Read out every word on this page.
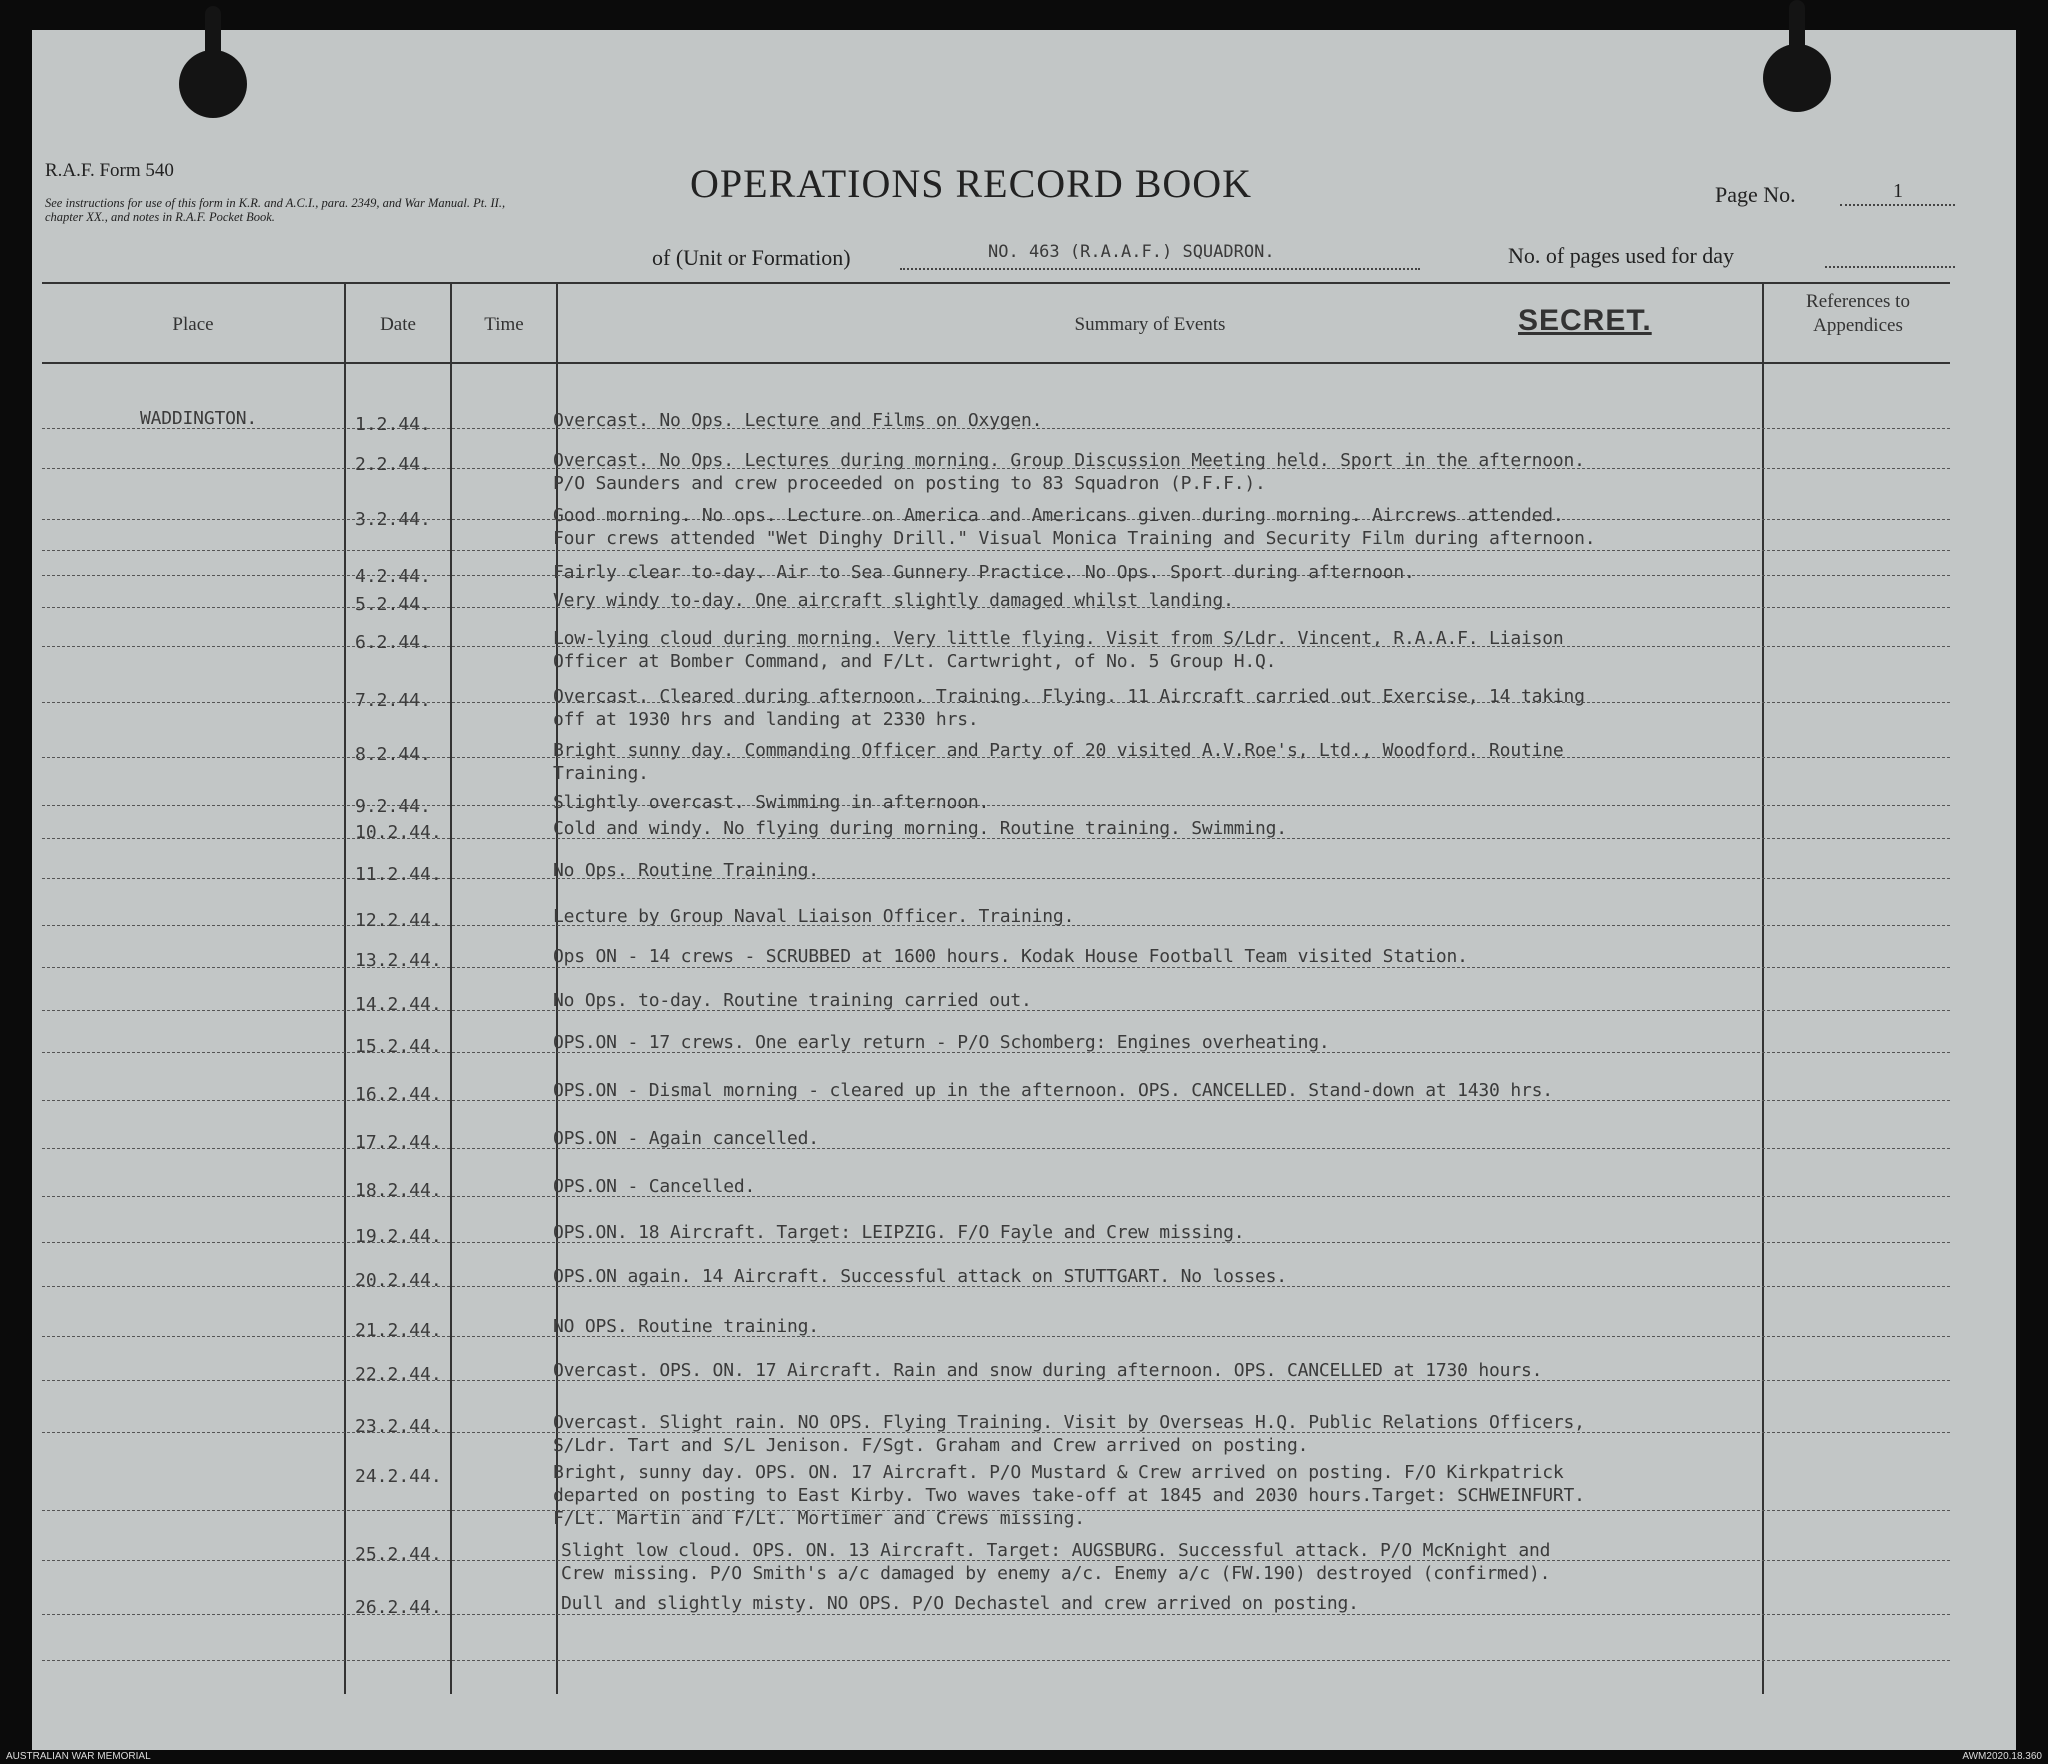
R.A.F. Form 540
See instructions for use of this form in K.R. and A.C.I., para. 2349, and War Manual. Pt. II., chapter XX., and notes in R.A.F. Pocket Book.
OPERATIONS RECORD BOOK
of (Unit or Formation)	NO. 463 (R.A.A.F.) SQUADRON.
Page No.	1
No. of pages used for day
Place	Date	Time	Summary of Events	SECRET.
References to Appendices
WADDINGTON.	1.2.44.	Overcast. No Ops. Lecture and Films on Oxygen.
2.2.44.	Overcast. No Ops. Lectures during morning. Group Discussion Meeting held. Sport in the afternoon.
P/O Saunders and crew proceeded on posting to 83 Squadron (P.F.F.).
3.2.44.	Good morning. No ops. Lecture on America and Americans given during morning. Aircrews attended.
Four crews attended "Wet Dinghy Drill." Visual Monica Training and Security Film during afternoon.
4.2.44.	Fairly clear to-day. Air to Sea Gunnery Practice. No Ops. Sport during afternoon.
5.2.44.	Very windy to-day. One aircraft slightly damaged whilst landing.
6.2.44.	Low-lying cloud during morning. Very little flying. Visit from S/Ldr. Vincent, R.A.A.F. Liaison
Officer at Bomber Command, and F/Lt. Cartwright, of No. 5 Group H.Q.
7.2.44.	Overcast. Cleared during afternoon. Training. Flying. 11 Aircraft carried out Exercise, 14 taking
off at 1930 hrs and landing at 2330 hrs.
8.2.44.	Bright sunny day. Commanding Officer and Party of 20 visited A.V.Roe's, Ltd., Woodford. Routine
Training.
9.2.44.	Slightly overcast. Swimming in afternoon.
10.2.44.	Cold and windy. No flying during morning. Routine training. Swimming.
11.2.44.	No Ops. Routine Training.
12.2.44.	Lecture by Group Naval Liaison Officer. Training.
13.2.44.	Ops ON - 14 crews - SCRUBBED at 1600 hours. Kodak House Football Team visited Station.
14.2.44.	No Ops. to-day. Routine training carried out.
15.2.44.	OPS.ON - 17 crews. One early return - P/O Schomberg: Engines overheating.
16.2.44.	OPS.ON - Dismal morning - cleared up in the afternoon. OPS. CANCELLED. Stand-down at 1430 hrs.
17.2.44.	OPS.ON - Again cancelled.
18.2.44.	OPS.ON - Cancelled.
19.2.44.	OPS.ON. 18 Aircraft. Target: LEIPZIG. F/O Fayle and Crew missing.
20.2.44.	OPS.ON again. 14 Aircraft. Successful attack on STUTTGART. No losses.
21.2.44.	NO OPS. Routine training.
22.2.44.	Overcast. OPS. ON. 17 Aircraft. Rain and snow during afternoon. OPS. CANCELLED at 1730 hours.
23.2.44.	Overcast. Slight rain. NO OPS. Flying Training. Visit by Overseas H.Q. Public Relations Officers,
S/Ldr. Tart and S/L Jenison. F/Sgt. Graham and Crew arrived on posting.
24.2.44.	Bright, sunny day. OPS. ON. 17 Aircraft. P/O Mustard & Crew arrived on posting. F/O Kirkpatrick
departed on posting to East Kirby. Two waves take-off at 1845 and 2030 hours.Target: SCHWEINFURT.
F/Lt. Martin and F/Lt. Mortimer and Crews missing.
25.2.44.	Slight low cloud. OPS. ON. 13 Aircraft. Target: AUGSBURG. Successful attack. P/O McKnight and
Crew missing. P/O Smith's a/c damaged by enemy a/c. Enemy a/c (FW.190) destroyed (confirmed).
26.2.44.	Dull and slightly misty. NO OPS. P/O Dechastel and crew arrived on posting.
AUSTRALIAN WAR MEMORIAL	AWM2020.18.360
